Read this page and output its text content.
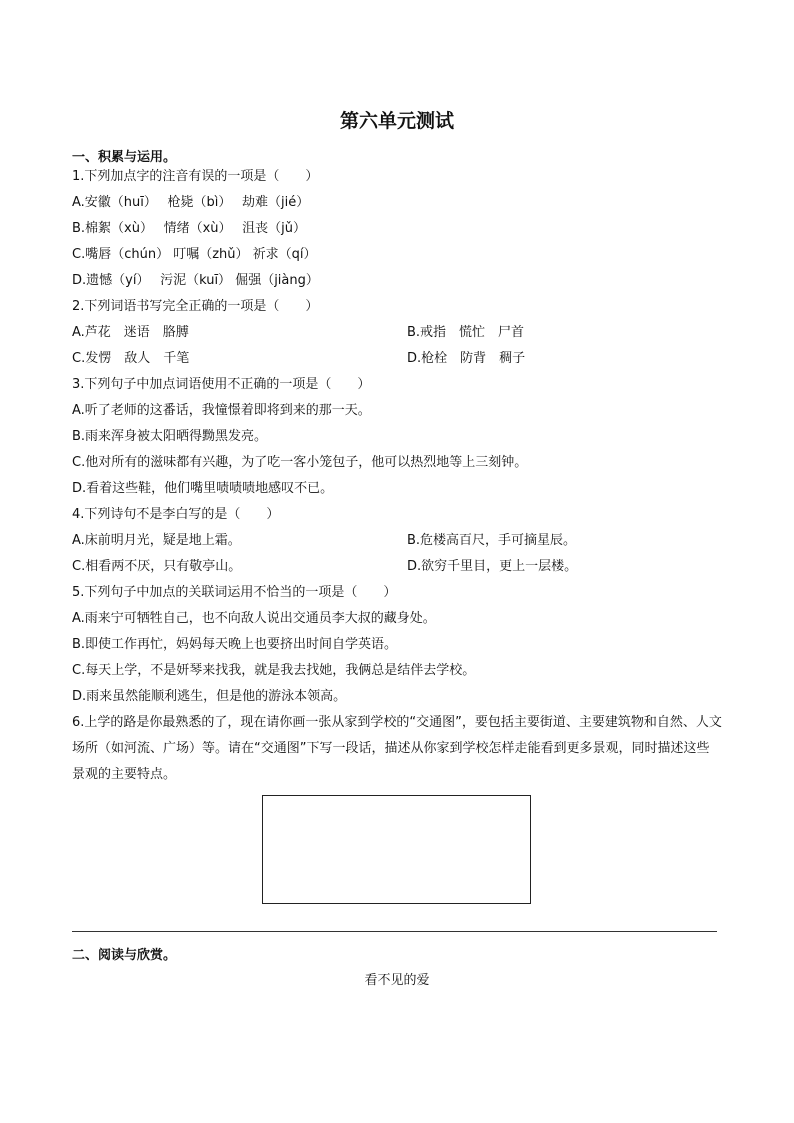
第六单元测试
一、积累与运用。
1.下列加点字的注音有误的一项是（　　）
A.安徽（huī）　 枪毙（bì）　 劫难（jié）
B.棉絮（xù）　 情绪（xù）　 沮丧（jǔ）
C.嘴唇（chún） 叮嘱（zhǔ） 祈求（qí）
D.遗憾（yí）　 污泥（kuī） 倔强（jiàng）
2.下列词语书写完全正确的一项是（　　）
A.芦花　迷语　胳膊	B.戒指　慌忙　尸首
C.发愣　敌人　千笔	D.枪栓　防背　稠子
3.下列句子中加点词语使用不正确的一项是（　　）
A.听了老师的这番话，我憧憬着即将到来的那一天。
B.雨来浑身被太阳晒得黝黑发亮。
C.他对所有的滋味都有兴趣，为了吃一客小笼包子，他可以热烈地等上三刻钟。
D.看着这些鞋，他们嘴里啧啧啧地感叹不已。
4.下列诗句不是李白写的是（　　）
A.床前明月光，疑是地上霜。	B.危楼高百尺，手可摘星辰。
C.相看两不厌，只有敬亭山。	D.欲穷千里目，更上一层楼。
5.下列句子中加点的关联词运用不恰当的一项是（　　）
A.雨来宁可牺牲自己，也不向敌人说出交通员李大叔的藏身处。
B.即使工作再忙，妈妈每天晚上也要挤出时间自学英语。
C.每天上学，不是妍琴来找我，就是我去找她，我俩总是结伴去学校。
D.雨来虽然能顺利逃生，但是他的游泳本领高。
6.上学的路是你最熟悉的了，现在请你画一张从家到学校的“交通图”，要包括主要街道、主要建筑物和自然、人文场所（如河流、广场）等。请在“交通图”下写一段话，描述从你家到学校怎样走能看到更多景观，同时描述这些景观的主要特点。
二、阅读与欣赏。
看不见的爱
